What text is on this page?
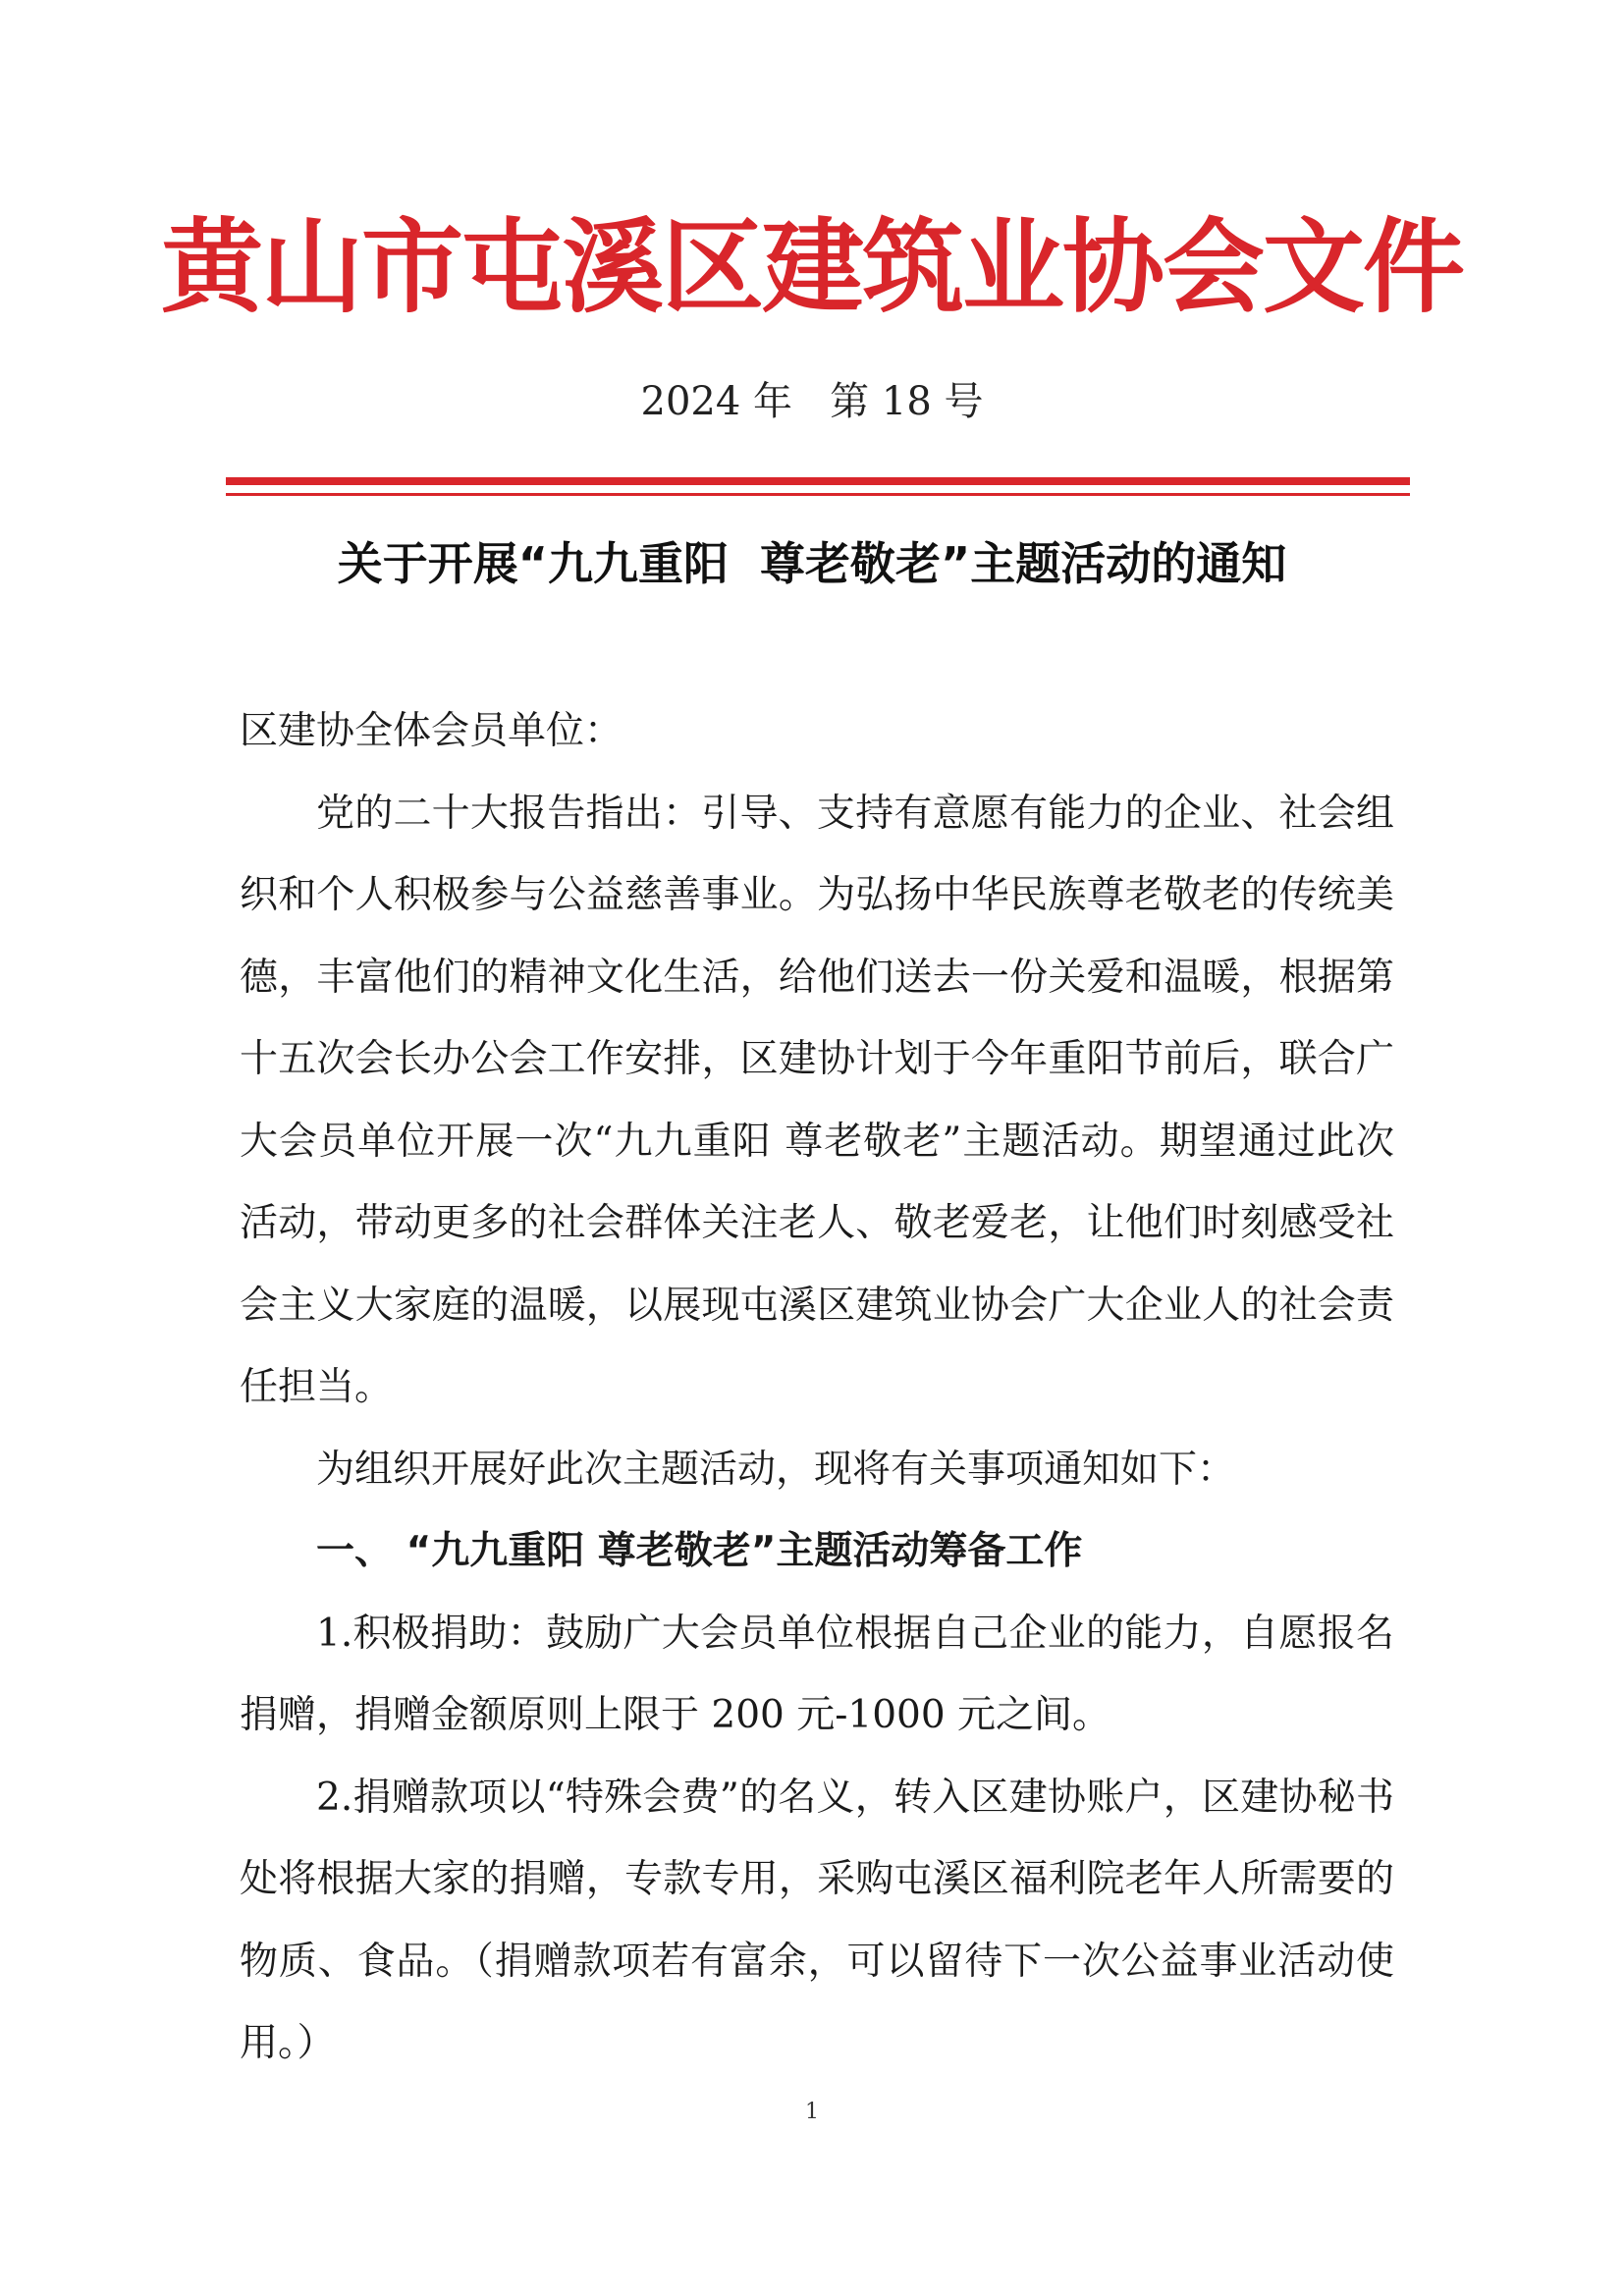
黄山市屯溪区建筑业协会文件
2024 年   第 18 号
关于开展“九九重阳  尊老敬老”主题活动的通知

区建协全体会员单位：

党的二十大报告指出：引导、支持有意愿有能力的企业、社会组织和个人积极参与公益慈善事业。为弘扬中华民族尊老敬老的传统美德，丰富他们的精神文化生活，给他们送去一份关爱和温暖，根据第十五次会长办公会工作安排，区建协计划于今年重阳节前后，联合广大会员单位开展一次“九九重阳 尊老敬老”主题活动。期望通过此次活动，带动更多的社会群体关注老人、敬老爱老，让他们时刻感受社会主义大家庭的温暖，以展现屯溪区建筑业协会广大企业人的社会责任担当。

为组织开展好此次主题活动，现将有关事项通知如下：

一、 “九九重阳 尊老敬老”主题活动筹备工作

1.积极捐助：鼓励广大会员单位根据自己企业的能力，自愿报名捐赠，捐赠金额原则上限于 200 元-1000 元之间。

2.捐赠款项以“特殊会费”的名义，转入区建协账户，区建协秘书处将根据大家的捐赠，专款专用，采购屯溪区福利院老年人所需要的物质、食品。（捐赠款项若有富余，可以留待下一次公益事业活动使用。）

1
